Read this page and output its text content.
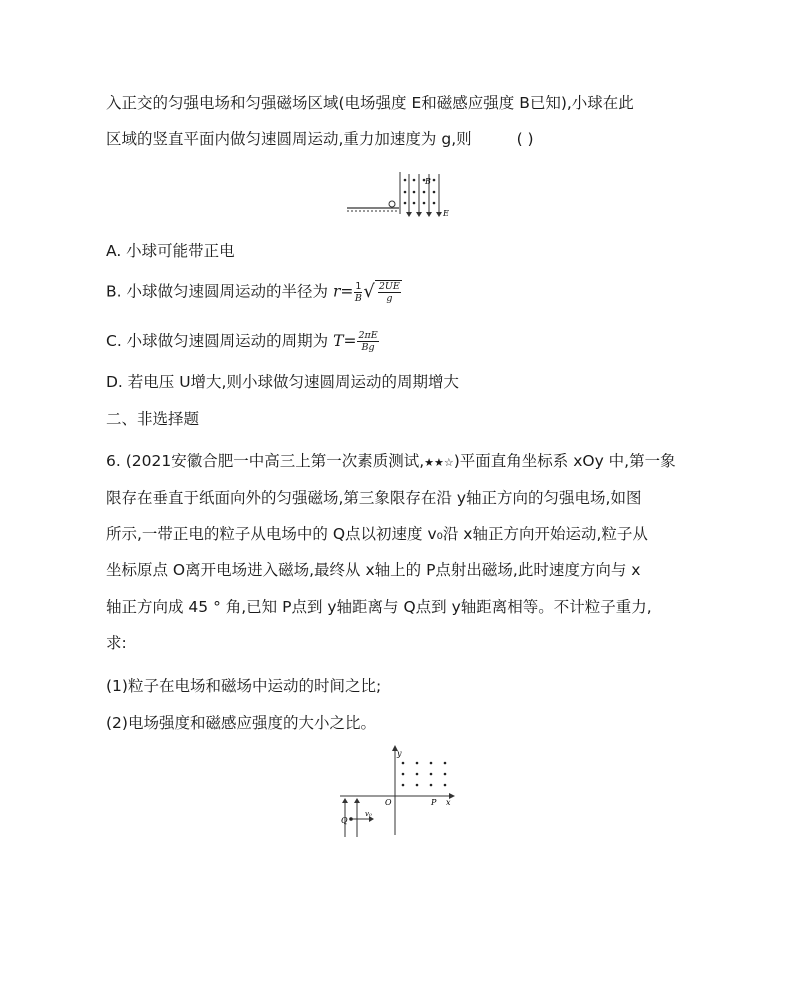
入正交的匀强电场和匀强磁场区域(电场强度 E和磁感应强度 B已知),小球在此
区域的竖直平面内做匀速圆周运动,重力加速度为 g,则	( )
B
E
A. 小球可能带正电
B. 小球做匀速圆周运动的半径为 $r= \frac{1}{B}$ √ $\frac{2UE}{g}$
C. 小球做匀速圆周运动的周期为 $T= \frac{2\pi E}{Bg}$
D. 若电压 U增大,则小球做匀速圆周运动的周期增大
二、非选择题
6. (2021安徽合肥一中高三上第一次素质测试,★★☆)平面直角坐标系 xOy 中,第一象
限存在垂直于纸面向外的匀强磁场,第三象限存在沿 y轴正方向的匀强电场,如图
所示,一带正电的粒子从电场中的 Q点以初速度 v₀沿 x轴正方向开始运动,粒子从
坐标原点 O离开电场进入磁场,最终从 x轴上的 P点射出磁场,此时速度方向与 x
轴正方向成 45 ° 角,已知 P点到 y轴距离与 Q点到 y轴距离相等。不计粒子重力,
求:
(1)粒子在电场和磁场中运动的时间之比;
(2)电场强度和磁感应强度的大小之比。
y
x
O	P
Q
v₀
